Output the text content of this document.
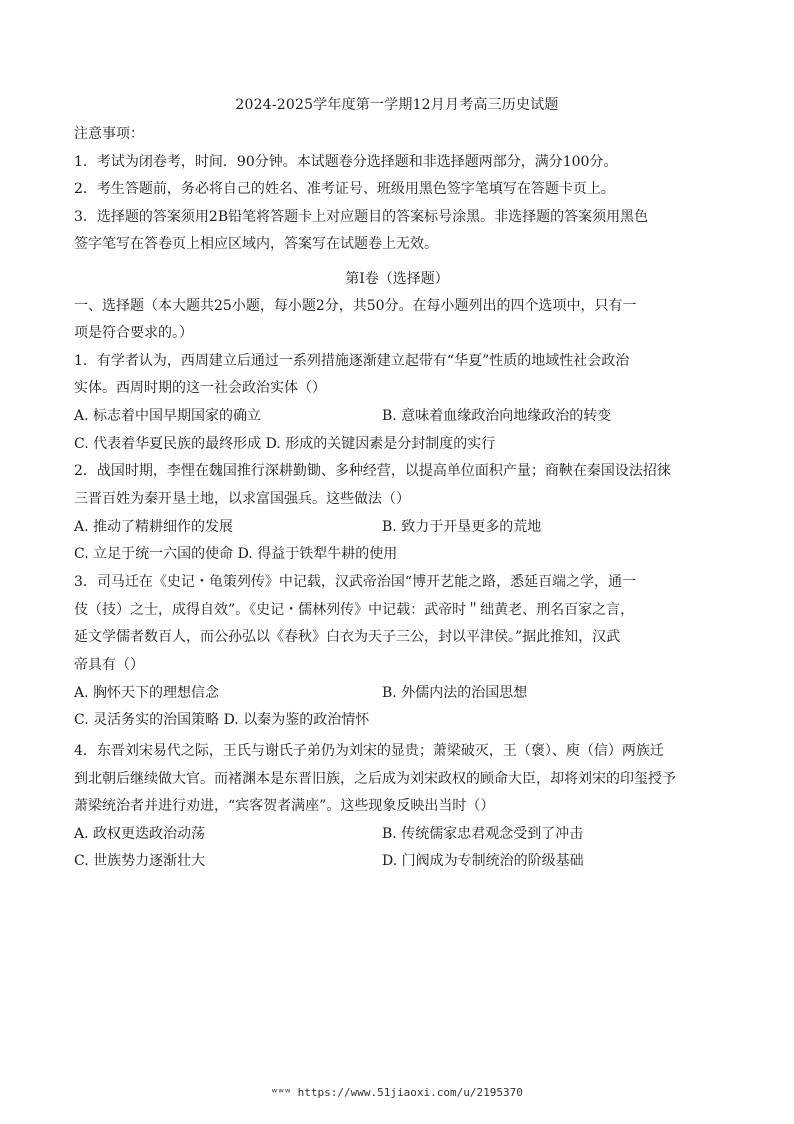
2024-2025学年度第一学期12月月考高三历史试题
注意事项：
1．考试为闭卷考，时间．90分钟。本试题卷分选择题和非选择题两部分，满分100分。
2．考生答题前，务必将自己的姓名、准考证号、班级用黑色签字笔填写在答题卡页上。
3．选择题的答案须用2B铅笔将答题卡上对应题目的答案标号涂黑。非选择题的答案须用黑色
签字笔写在答卷页上相应区域内，答案写在试题卷上无效。
第Ⅰ卷（选择题）
一、选择题（本大题共25小题，每小题2分，共50分。在每小题列出的四个选项中，只有一
项是符合要求的。）
1．有学者认为，西周建立后通过一系列措施逐渐建立起带有“华夏”性质的地域性社会政治
实体。西周时期的这一社会政治实体（）
A. 标志着中国早期国家的确立	B. 意味着血缘政治向地缘政治的转变
C. 代表着华夏民族的最终形成 D. 形成的关键因素是分封制度的实行
2．战国时期，李悝在魏国推行深耕勤锄、多种经营，以提高单位面积产量；商鞅在秦国设法招徕
三晋百姓为秦开垦土地，以求富国强兵。这些做法（）
A. 推动了精耕细作的发展	B. 致力于开垦更多的荒地
C. 立足于统一六国的使命 D. 得益于铁犁牛耕的使用
3．司马迁在《史记・龟策列传》中记载，汉武帝治国“博开艺能之路，悉延百端之学，通一
伎（技）之士，成得自效”。《史记・儒林列传》中记载：武帝时＂绌黄老、刑名百家之言，
延文学儒者数百人，而公孙弘以《春秋》白衣为天子三公，封以平津侯。”据此推知，汉武
帝具有（）
A. 胸怀天下的理想信念	B. 外儒内法的治国思想
C. 灵活务实的治国策略 D. 以秦为鉴的政治情怀
4．东晋刘宋易代之际，王氏与谢氏子弟仍为刘宋的显贵；萧梁破灭，王（褒）、庾（信）两族迁
到北朝后继续做大官。而褚渊本是东晋旧族，之后成为刘宋政权的顾命大臣，却将刘宋的印玺授予
萧梁统治者并进行劝进，“宾客贺者满座”。这些现象反映出当时（）
A. 政权更迭政治动荡	B. 传统儒家忠君观念受到了冲击
C. 世族势力逐渐壮大	D. 门阀成为专制统治的阶级基础
ʷʷʷ https://www.51jiaoxi.com/u/2195370
